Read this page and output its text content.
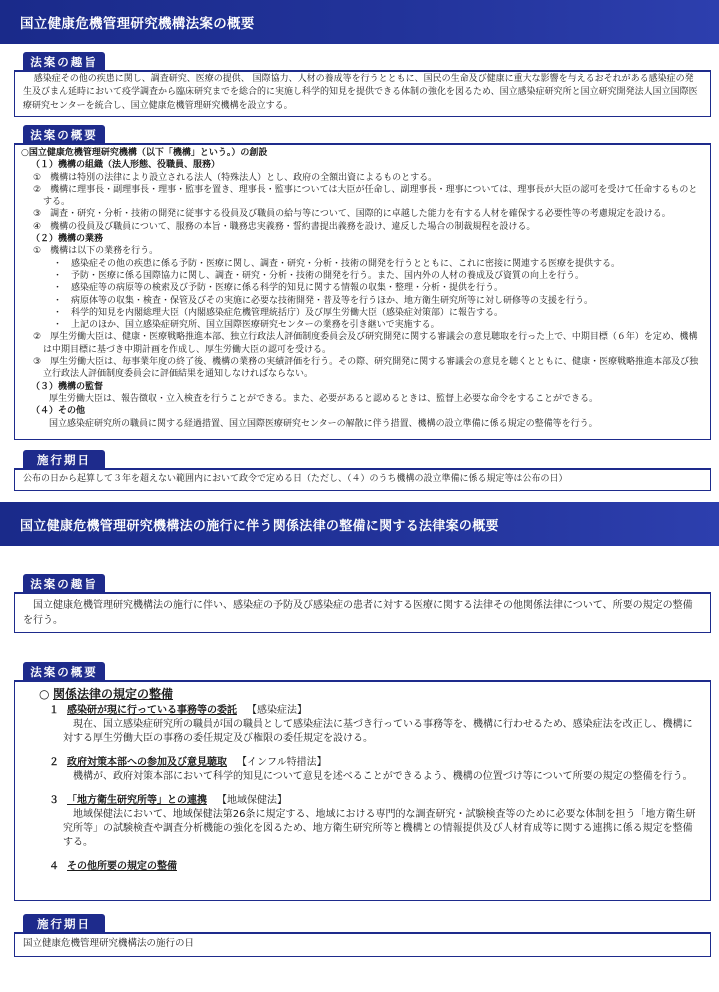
国立健康危機管理研究機構法案の概要
法案の趣旨

感染症その他の疾患に関し、調査研究、医療の提供、 国際協力、人材の養成等を行うとともに、国民の生命及び健康に重大な影響を与えるおそれがある感染症の発生及びまん延時において疫学調査から臨床研究までを総合的に実施し科学的知見を提供できる体制の強化を図るため、国立感染症研究所と国立研究開発法人国立国際医療研究センターを統合し、国立健康危機管理研究機構を設立する。

法案の概要

○国立健康危機管理研究機構（以下「機構」という。）の創設

（１）機構の組織（法人形態、役職員、服務）

①　機構は特別の法律により設立される法人（特殊法人）とし、政府の全額出資によるものとする。

②　機構に理事長・副理事長・理事・監事を置き、理事長・監事については大臣が任命し、副理事長・理事については、理事長が大臣の認可を受けて任命するものとする。

③　調査・研究・分析・技術の開発に従事する役員及び職員の給与等について、国際的に卓越した能力を有する人材を確保する必要性等の考慮規定を設ける。

④　機構の役員及び職員について、服務の本旨・職務忠実義務・誓約書提出義務を設け、違反した場合の制裁規程を設ける。

（２）機構の業務

①　機構は以下の業務を行う。

・　感染症その他の疾患に係る予防・医療に関し、調査・研究・分析・技術の開発を行うとともに、これに密接に関連する医療を提供する。

・　予防・医療に係る国際協力に関し、調査・研究・分析・技術の開発を行う。また、国内外の人材の養成及び資質の向上を行う。

・　感染症等の病原等の検索及び予防・医療に係る科学的知見に関する情報の収集・整理・分析・提供を行う。

・　病原体等の収集・検査・保管及びその実施に必要な技術開発・普及等を行うほか、地方衛生研究所等に対し研修等の支援を行う。

・　科学的知見を内閣総理大臣（内閣感染症危機管理統括庁）及び厚生労働大臣（感染症対策部）に報告する。

・　上記のほか、国立感染症研究所、国立国際医療研究センターの業務を引き継いで実施する。

②　厚生労働大臣は、健康・医療戦略推進本部、独立行政法人評価制度委員会及び研究開発に関する審議会の意見聴取を行った上で、中期目標（６年）を定め、機構は中期目標に基づき中期計画を作成し、厚生労働大臣の認可を受ける。

③　厚生労働大臣は、毎事業年度の終了後、機構の業務の実績評価を行う。その際、研究開発に関する審議会の意見を聴くとともに、健康・医療戦略推進本部及び独立行政法人評価制度委員会に評価結果を通知しなければならない。

（３）機構の監督

厚生労働大臣は、報告徴収・立入検査を行うことができる。また、必要があると認めるときは、監督上必要な命令をすることができる。

（４）その他

国立感染症研究所の職員に関する経過措置、国立国際医療研究センターの解散に伴う措置、機構の設立準備に係る規定の整備等を行う。

施行期日

公布の日から起算して３年を超えない範囲内において政令で定める日（ただし、（４）のうち機構の設立準備に係る規定等は公布の日）

国立健康危機管理研究機構法の施行に伴う関係法律の整備に関する法律案の概要
法案の趣旨

国立健康危機管理研究機構法の施行に伴い、感染症の予防及び感染症の患者に対する医療に関する法律その他関係法律について、所要の規定の整備を行う。

法案の概要

○ 関係法律の規定の整備

１ 感染研が現に行っている事務等の委託 【感染症法】

現在、国立感染症研究所の職員が国の職員として感染症法に基づき行っている事務等を、機構に行わせるため、感染症法を改正し、機構に対する厚生労働大臣の事務の委任規定及び権限の委任規定を設ける。

２ 政府対策本部への参加及び意見聴取 【インフル特措法】

機構が、政府対策本部において科学的知見について意見を述べることができるよう、機構の位置づけ等について所要の規定の整備を行う。

３ 「地方衛生研究所等」との連携 【地域保健法】

地域保健法において、地域保健法第26条に規定する、地域における専門的な調査研究・試験検査等のために必要な体制を担う「地方衛生研究所等」の試験検査や調査分析機能の強化を図るため、地方衛生研究所等と機構との情報提供及び人材育成等に関する連携に係る規定を整備する。

４ その他所要の規定の整備

施行期日

国立健康危機管理研究機構法の施行の日
